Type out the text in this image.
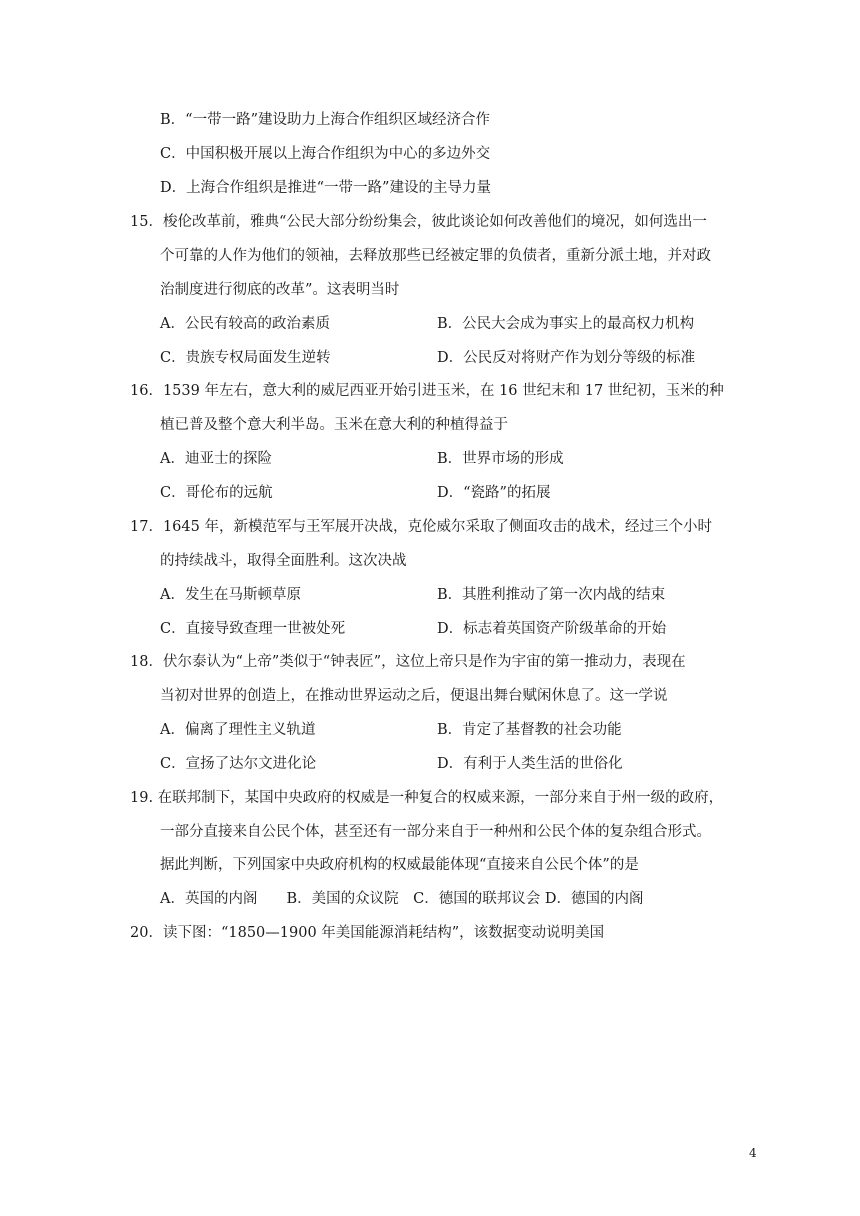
B．“一带一路”建设助力上海合作组织区域经济合作
C．中国积极开展以上海合作组织为中心的多边外交
D．上海合作组织是推进“一带一路”建设的主导力量
15．梭伦改革前，雅典“公民大部分纷纷集会，彼此谈论如何改善他们的境况，如何选出一
个可靠的人作为他们的领袖，去释放那些已经被定罪的负债者，重新分派土地，并对政
治制度进行彻底的改革”。这表明当时
A．公民有较高的政治素质	B．公民大会成为事实上的最高权力机构
C．贵族专权局面发生逆转	D．公民反对将财产作为划分等级的标准
16．1539 年左右，意大利的威尼西亚开始引进玉米，在 16 世纪末和 17 世纪初，玉米的种
植已普及整个意大利半岛。玉米在意大利的种植得益于
A．迪亚士的探险	B．世界市场的形成
C．哥伦布的远航	D．“瓷路”的拓展
17．1645 年，新模范军与王军展开决战，克伦威尔采取了侧面攻击的战术，经过三个小时
的持续战斗，取得全面胜利。这次决战
A．发生在马斯顿草原	B．其胜利推动了第一次内战的结束
C．直接导致查理一世被处死	D．标志着英国资产阶级革命的开始
18．伏尔泰认为“上帝”类似于“钟表匠”，这位上帝只是作为宇宙的第一推动力，表现在
当初对世界的创造上，在推动世界运动之后，便退出舞台赋闲休息了。这一学说
A．偏离了理性主义轨道	B．肯定了基督教的社会功能
C．宣扬了达尔文进化论	D．有利于人类生活的世俗化
19. 在联邦制下，某国中央政府的权威是一种复合的权威来源，一部分来自于州一级的政府，
一部分直接来自公民个体，甚至还有一部分来自于一种州和公民个体的复杂组合形式。
据此判断，下列国家中央政府机构的权威最能体现“直接来自公民个体”的是
A．英国的内阁　　B．美国的众议院　C．德国的联邦议会 D．德国的内阁
20．读下图：“1850—1900 年美国能源消耗结构”，该数据变动说明美国
4
